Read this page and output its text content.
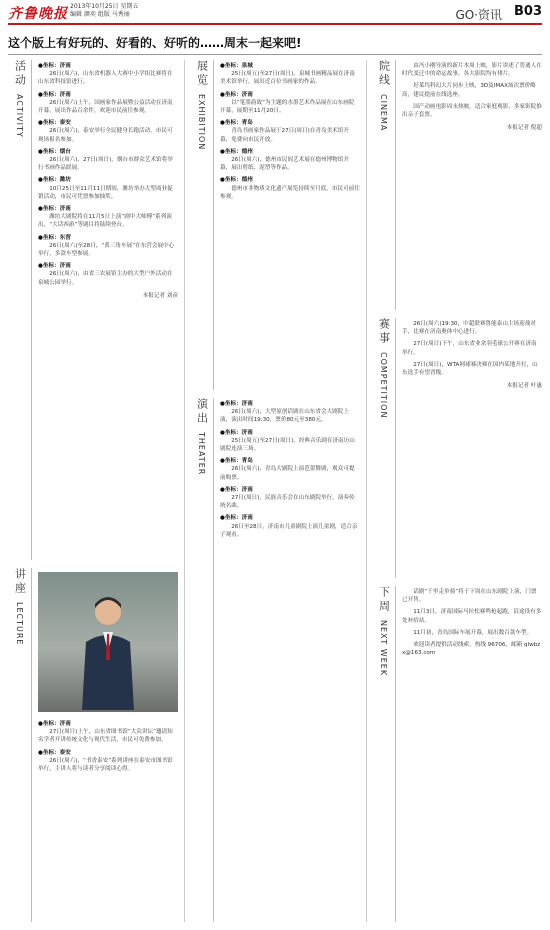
齐鲁晚报 2013年10月25日 星期五
编辑 颜奕 组版 马秀丽	GO·资讯 B03
这个版上有好玩的、好看的、好听的……周末一起来吧!
活动
ACTIVITY
●坐标：济南
26日(周六)，山东省机器人大赛中小学组比赛将在山东省科技馆进行。
●坐标：济南
26日(周六)上午，国画家作品展暨公益活动在济南开幕，展出作品百余件，欢迎市民前往参观。
●坐标：泰安
26日(周六)，泰安举行全民健身长跑活动，市民可现场报名参加。
●坐标：烟台
26日(周六)、27日(周日)，烟台市群众艺术馆将举行书画作品联展。
●坐标：潍坊
10月25日至11月11日期间，潍坊举办大型商业促销活动，市民可凭票参加抽奖。
●坐标：济南
潍坊大剧院将在11月5日上演“剧中大师傅”系列演出，“大话西游”等剧目将陆续登台。
●坐标：东营
26日(周六)至28日，“黄三角车展”在东营会展中心举行，多款车型参展。
●坐标：济南
26日(周六)，由省三农展馆主办的大型户外活动在泉城公园举行。
本报记者 刘彦
讲座
LECTURE
●坐标：济南
27日(周日)上午，山东省图书馆“大众讲坛”邀请知名学者开讲传统文化与现代生活，市民可免费参加。
●坐标：泰安
26日(周六)，“书香泰安”系列讲座在泰安市图书馆举行，主讲人将与读者分享阅读心得。
展览
EXHIBITION
●坐标：泉城
25日(周五)至27日(周日)，泉城书画精品展在济南美术馆举行，展出近百位书画家的作品。
●坐标：济南
以“笔墨韵致”为主题的水墨艺术作品展在山东画院开幕，展期至11月20日。
●坐标：青岛
青岛书画家作品展于27日(周日)在青岛美术馆开幕，免费向市民开放。
●坐标：德州
26日(周六)，德州市民间艺术展在德州博物馆开幕，展出剪纸、泥塑等作品。
●坐标：德州
德州市非物质文化遗产展览持续至月底，市民可前往参观。
演出
THEATER
●坐标：济南
26日(周六)，大型原创话剧在山东省会大剧院上演，演出时间19:30，票价80元至380元。
●坐标：济南
25日(周五)至27日(周日)，经典音乐剧在济南历山剧院连演三场。
●坐标：青岛
26日(周六)，青岛大剧院上演芭蕾舞剧，观众可提前购票。
●坐标：济南
27日(周日)，民族音乐会在山东剧院举行，演奏传统名曲。
●坐标：济南
26日至28日，济南市儿童剧院上演儿童剧，适合亲子观看。
院线
CINEMA
由冯小刚导演的新片本周上映，影片讲述了普通人在时代变迁中的命运故事，各大影院均有排片。
好莱坞科幻大片同步上映，3D及IMAX场次票价略高，建议提前在线选座。
国产动画电影周末热映，适合家庭观影，多家影院推出亲子套票。
本报记者 倪超
赛事
COMPETITION
26日(周六)19:30，中超联赛鲁能泰山主场迎战对手，比赛在济南奥体中心进行。
27日(周日)下午，山东省业余羽毛球公开赛在济南举行。
27日(周日)，WTA网球赛决赛在国内某地开打，山东选手有望晋级。
本报记者 叶惠
下周
NEXT WEEK
话剧“千里走单骑”将于下周在山东剧院上演，门票已开售。
11月3日，济南国际马拉松赛鸣枪起跑，沿途设有多处补给站。
11月初，青岛国际车展开幕，展出数百款车型。
欢迎读者提供活动线索，热线 96706，邮箱 qlwbzx@163.com
